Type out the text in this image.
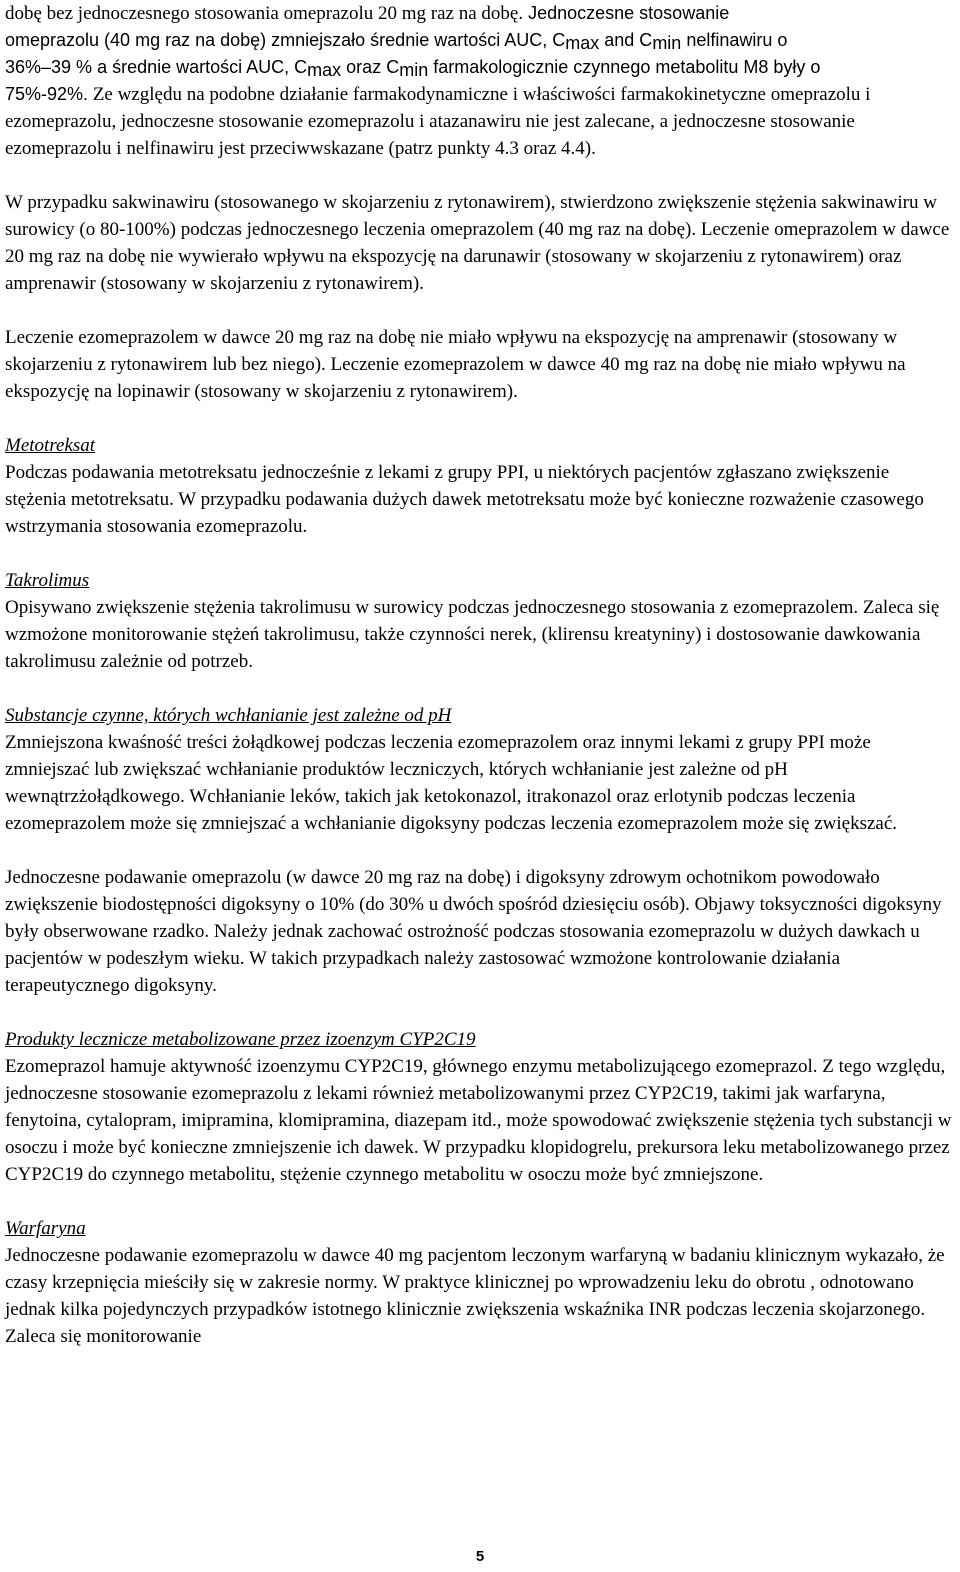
dobę bez jednoczesnego stosowania omeprazolu 20 mg raz na dobę. Jednoczesne stosowanie
omeprazolu (40 mg raz na dobę) zmniejszało średnie wartości AUC, $C_{max}$ and $C_{min}$ nelfinawiru o
36%–39 % a średnie wartości AUC, $C_{max}$ oraz $C_{min}$ farmakologicznie czynnego metabolitu M8 były o
75%-92%. Ze względu na podobne działanie farmakodynamiczne i właściwości farmakokinetyczne omeprazolu i ezomeprazolu, jednoczesne stosowanie ezomeprazolu i atazanawiru nie jest zalecane, a jednoczesne stosowanie ezomeprazolu i nelfinawiru jest przeciwwskazane (patrz punkty 4.3 oraz 4.4).

W przypadku sakwinawiru (stosowanego w skojarzeniu z rytonawirem), stwierdzono zwiększenie stężenia sakwinawiru w surowicy (o 80-100%) podczas jednoczesnego leczenia omeprazolem (40 mg raz na dobę). Leczenie omeprazolem w dawce 20 mg raz na dobę nie wywierało wpływu na ekspozycję na darunawir (stosowany w skojarzeniu z rytonawirem) oraz amprenawir (stosowany w skojarzeniu z rytonawirem).

Leczenie ezomeprazolem w dawce 20 mg raz na dobę nie miało wpływu na ekspozycję na amprenawir (stosowany w skojarzeniu z rytonawirem lub bez niego). Leczenie ezomeprazolem w dawce 40 mg raz na dobę nie miało wpływu na ekspozycję na lopinawir (stosowany w skojarzeniu z rytonawirem).

Metotreksat

Podczas podawania metotreksatu jednocześnie z lekami z grupy PPI, u niektórych pacjentów zgłaszano zwiększenie stężenia metotreksatu. W przypadku podawania dużych dawek metotreksatu może być konieczne rozważenie czasowego wstrzymania stosowania ezomeprazolu.

Takrolimus

Opisywano zwiększenie stężenia takrolimusu w surowicy podczas jednoczesnego stosowania z ezomeprazolem. Zaleca się wzmożone monitorowanie stężeń takrolimusu, także czynności nerek, (klirensu kreatyniny) i dostosowanie dawkowania takrolimusu zależnie od potrzeb.

Substancje czynne, których wchłanianie jest zależne od pH

Zmniejszona kwaśność treści żołądkowej podczas leczenia ezomeprazolem oraz innymi lekami z grupy PPI może zmniejszać lub zwiększać wchłanianie produktów leczniczych, których wchłanianie jest zależne od pH wewnątrzżołądkowego. Wchłanianie leków, takich jak ketokonazol, itrakonazol oraz erlotynib podczas leczenia ezomeprazolem może się zmniejszać a wchłanianie digoksyny podczas leczenia ezomeprazolem może się zwiększać.

Jednoczesne podawanie omeprazolu (w dawce 20 mg raz na dobę) i digoksyny zdrowym ochotnikom powodowało zwiększenie biodostępności digoksyny o 10% (do 30% u dwóch spośród dziesięciu osób). Objawy toksyczności digoksyny były obserwowane rzadko. Należy jednak zachować ostrożność podczas stosowania ezomeprazolu w dużych dawkach u pacjentów w podeszłym wieku. W takich przypadkach należy zastosować wzmożone kontrolowanie działania terapeutycznego digoksyny.

Produkty lecznicze metabolizowane przez izoenzym CYP2C19

Ezomeprazol hamuje aktywność izoenzymu CYP2C19, głównego enzymu metabolizującego ezomeprazol. Z tego względu, jednoczesne stosowanie ezomeprazolu z lekami również metabolizowanymi przez CYP2C19, takimi jak warfaryna, fenytoina, cytalopram, imipramina, klomipramina, diazepam itd., może spowodować zwiększenie stężenia tych substancji w osoczu i może być konieczne zmniejszenie ich dawek. W przypadku klopidogrelu, prekursora leku metabolizowanego przez CYP2C19 do czynnego metabolitu, stężenie czynnego metabolitu w osoczu może być zmniejszone.

Warfaryna

Jednoczesne podawanie ezomeprazolu w dawce 40 mg pacjentom leczonym warfaryną w badaniu klinicznym wykazało, że czasy krzepnięcia mieściły się w zakresie normy. W praktyce klinicznej po wprowadzeniu leku do obrotu , odnotowano jednak kilka pojedynczych przypadków istotnego klinicznie zwiększenia wskaźnika INR podczas leczenia skojarzonego. Zaleca się monitorowanie

5
